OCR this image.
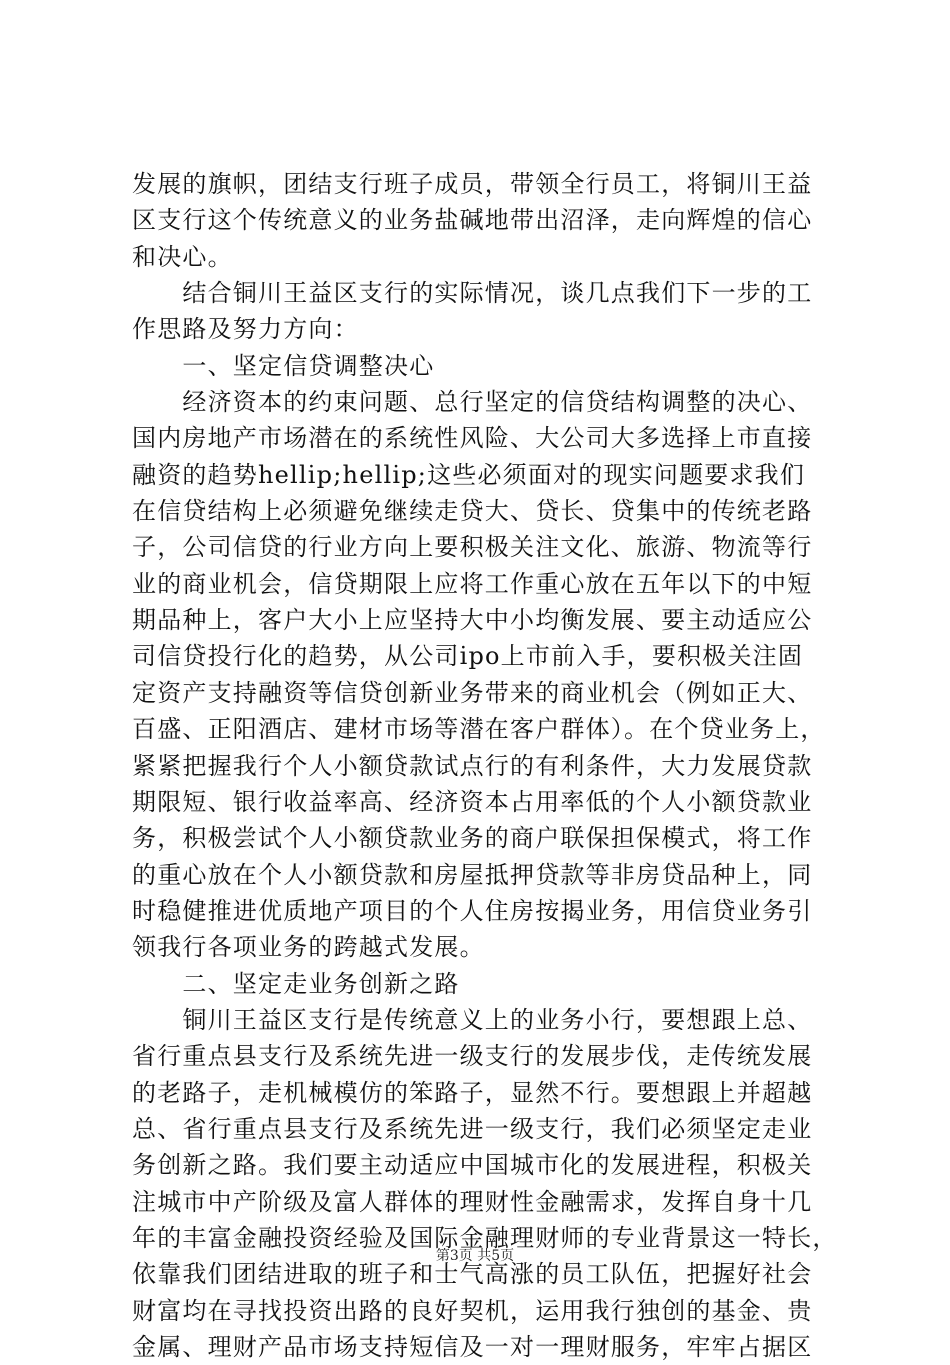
发展的旗帜，团结支行班子成员，带领全行员工，将铜川王益
区支行这个传统意义的业务盐碱地带出沼泽，走向辉煌的信心
和决心。
　　结合铜川王益区支行的实际情况，谈几点我们下一步的工
作思路及努力方向：
　　一、坚定信贷调整决心
　　经济资本的约束问题、总行坚定的信贷结构调整的决心、
国内房地产市场潜在的系统性风险、大公司大多选择上市直接
融资的趋势hellip;hellip;这些必须面对的现实问题要求我们
在信贷结构上必须避免继续走贷大、贷长、贷集中的传统老路
子，公司信贷的行业方向上要积极关注文化、旅游、物流等行
业的商业机会，信贷期限上应将工作重心放在五年以下的中短
期品种上，客户大小上应坚持大中小均衡发展、要主动适应公
司信贷投行化的趋势，从公司ipo上市前入手，要积极关注固
定资产支持融资等信贷创新业务带来的商业机会（例如正大、
百盛、正阳酒店、建材市场等潜在客户群体）。在个贷业务上，
紧紧把握我行个人小额贷款试点行的有利条件，大力发展贷款
期限短、银行收益率高、经济资本占用率低的个人小额贷款业
务，积极尝试个人小额贷款业务的商户联保担保模式，将工作
的重心放在个人小额贷款和房屋抵押贷款等非房贷品种上，同
时稳健推进优质地产项目的个人住房按揭业务，用信贷业务引
领我行各项业务的跨越式发展。
　　二、坚定走业务创新之路
　　铜川王益区支行是传统意义上的业务小行，要想跟上总、
省行重点县支行及系统先进一级支行的发展步伐，走传统发展
的老路子，走机械模仿的笨路子，显然不行。要想跟上并超越
总、省行重点县支行及系统先进一级支行，我们必须坚定走业
务创新之路。我们要主动适应中国城市化的发展进程，积极关
注城市中产阶级及富人群体的理财性金融需求，发挥自身十几
年的丰富金融投资经验及国际金融理财师的专业背景这一特长，
依靠我们团结进取的班子和士气高涨的员工队伍，把握好社会
财富均在寻找投资出路的良好契机，运用我行独创的基金、贵
金属、理财产品市场支持短信及一对一理财服务，牢牢占据区
第3页 共5页
